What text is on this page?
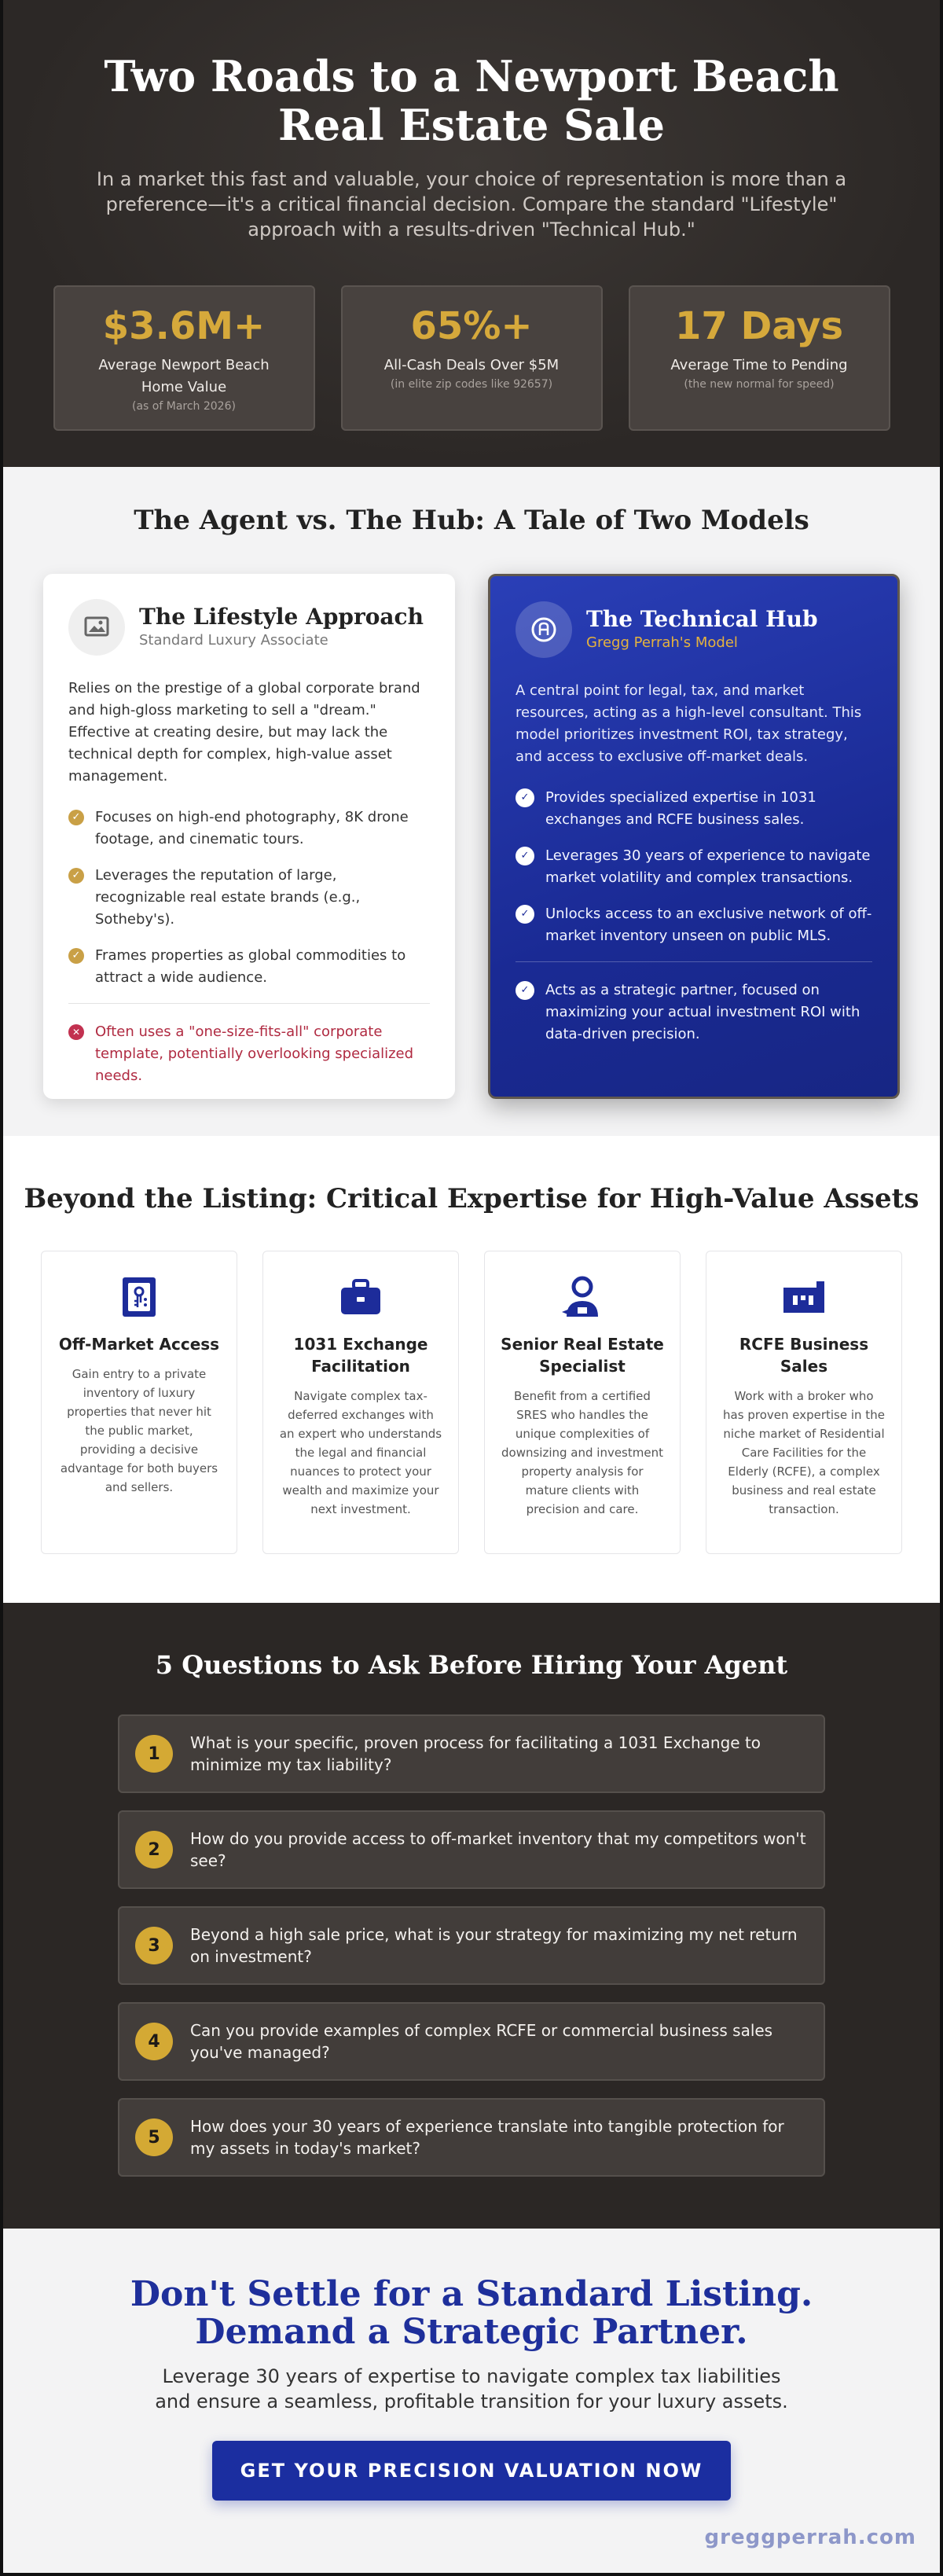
Two Roads to a Newport Beach Real Estate Sale

In a market this fast and valuable, your choice of representation is more than a preference—it's a critical financial decision. Compare the standard "Lifestyle" approach with a results-driven "Technical Hub."

$3.6M+
Average Newport Beach Home Value
(as of March 2026)
65%+
All-Cash Deals Over $5M
(in elite zip codes like 92657)
17 Days
Average Time to Pending
(the new normal for speed)
The Agent vs. The Hub: A Tale of Two Models
The Lifestyle Approach
Standard Luxury Associate

Relies on the prestige of a global corporate brand and high-gloss marketing to sell a "dream." Effective at creating desire, but may lack the technical depth for complex, high-value asset management.

✓ Focuses on high-end photography, 8K drone footage, and cinematic tours.
✓ Leverages the reputation of large, recognizable real estate brands (e.g., Sotheby's).
✓ Frames properties as global commodities to attract a wide audience.
✕ Often uses a "one-size-fits-all" corporate template, potentially overlooking specialized needs.
The Technical Hub
Gregg Perrah's Model

A central point for legal, tax, and market resources, acting as a high-level consultant. This model prioritizes investment ROI, tax strategy, and access to exclusive off-market deals.

✓	Provides specialized expertise in 1031 exchanges and RCFE business sales.
✓	Leverages 30 years of experience to navigate market volatility and complex transactions.
✓	Unlocks access to an exclusive network of off-market inventory unseen on public MLS.
✓	Acts as a strategic partner, focused on maximizing your actual investment ROI with data-driven precision.
Beyond the Listing: Critical Expertise for High-Value Assets
Off-Market Access

Gain entry to a private inventory of luxury properties that never hit the public market, providing a decisive advantage for both buyers and sellers.

1031 Exchange Facilitation

Navigate complex tax-deferred exchanges with an expert who understands the legal and financial nuances to protect your wealth and maximize your next investment.

Senior Real Estate Specialist

Benefit from a certified SRES who handles the unique complexities of downsizing and investment property analysis for mature clients with precision and care.

RCFE Business Sales

Work with a broker who has proven expertise in the niche market of Residential Care Facilities for the Elderly (RCFE), a complex business and real estate transaction.

5 Questions to Ask Before Hiring Your Agent
1
What is your specific, proven process for facilitating a 1031 Exchange to minimize my tax liability?
2
How do you provide access to off-market inventory that my competitors won't see?
3
Beyond a high sale price, what is your strategy for maximizing my net return on investment?
4
Can you provide examples of complex RCFE or commercial business sales you've managed?
5
How does your 30 years of experience translate into tangible protection for my assets in today's market?
Don't Settle for a Standard Listing.
Demand a Strategic Partner.

Leverage 30 years of expertise to navigate complex tax liabilities and ensure a seamless, profitable transition for your luxury assets.

GET YOUR PRECISION VALUATION NOW
greggperrah.com
